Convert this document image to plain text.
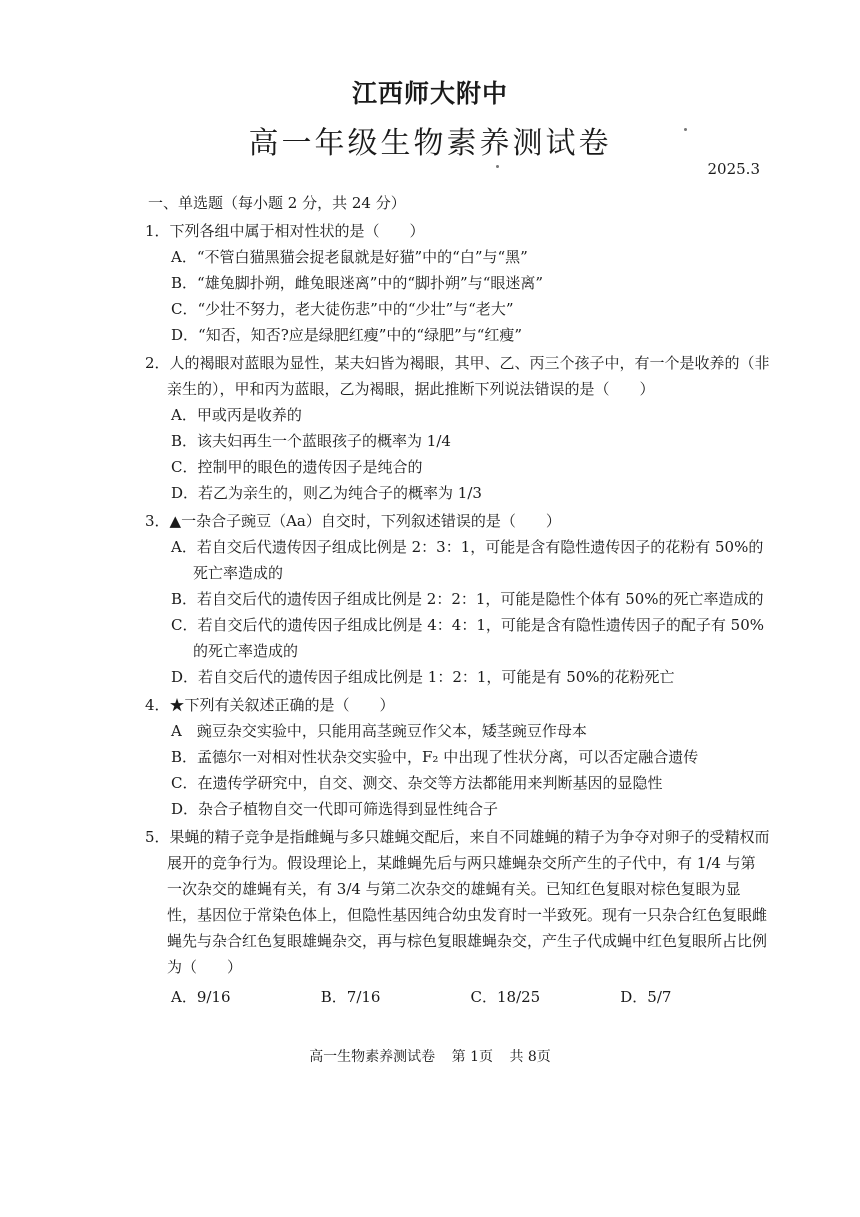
江西师大附中
高一年级生物素养测试卷
2025.3
一、单选题（每小题 2 分，共 24 分）
1．下列各组中属于相对性状的是（　　）
A．“不管白猫黑猫会捉老鼠就是好猫”中的“白”与“黑”
B．“雄兔脚扑朔，雌兔眼迷离”中的“脚扑朔”与“眼迷离”
C．“少壮不努力，老大徒伤悲”中的“少壮”与“老大”
D．“知否，知否?应是绿肥红瘦”中的“绿肥”与“红瘦”
2．人的褐眼对蓝眼为显性，某夫妇皆为褐眼，其甲、乙、丙三个孩子中，有一个是收养的（非亲生的），甲和丙为蓝眼，乙为褐眼，据此推断下列说法错误的是（　　）
A．甲或丙是收养的
B．该夫妇再生一个蓝眼孩子的概率为 1/4
C．控制甲的眼色的遗传因子是纯合的
D．若乙为亲生的，则乙为纯合子的概率为 1/3
3．▲一杂合子豌豆（Aa）自交时，下列叙述错误的是（　　）
A．若自交后代遗传因子组成比例是 2：3：1，可能是含有隐性遗传因子的花粉有 50%的死亡率造成的
B．若自交后代的遗传因子组成比例是 2：2：1，可能是隐性个体有 50%的死亡率造成的
C．若自交后代的遗传因子组成比例是 4：4：1，可能是含有隐性遗传因子的配子有 50%的死亡率造成的
D．若自交后代的遗传因子组成比例是 1：2：1，可能是有 50%的花粉死亡
4．★下列有关叙述正确的是（　　）
A　豌豆杂交实验中，只能用高茎豌豆作父本，矮茎豌豆作母本
B．孟德尔一对相对性状杂交实验中，F₂ 中出现了性状分离，可以否定融合遗传
C．在遗传学研究中，自交、测交、杂交等方法都能用来判断基因的显隐性
D．杂合子植物自交一代即可筛选得到显性纯合子
5．果蝇的精子竞争是指雌蝇与多只雄蝇交配后，来自不同雄蝇的精子为争夺对卵子的受精权而展开的竞争行为。假设理论上，某雌蝇先后与两只雄蝇杂交所产生的子代中，有 1/4 与第一次杂交的雄蝇有关，有 3/4 与第二次杂交的雄蝇有关。已知红色复眼对棕色复眼为显性，基因位于常染色体上，但隐性基因纯合幼虫发育时一半致死。现有一只杂合红色复眼雌蝇先与杂合红色复眼雄蝇杂交，再与棕色复眼雄蝇杂交，产生子代成蝇中红色复眼所占比例为（　　）
A．9/16	B．7/16	C．18/25	D．5/7
高一生物素养测试卷 第 1页 共 8页
